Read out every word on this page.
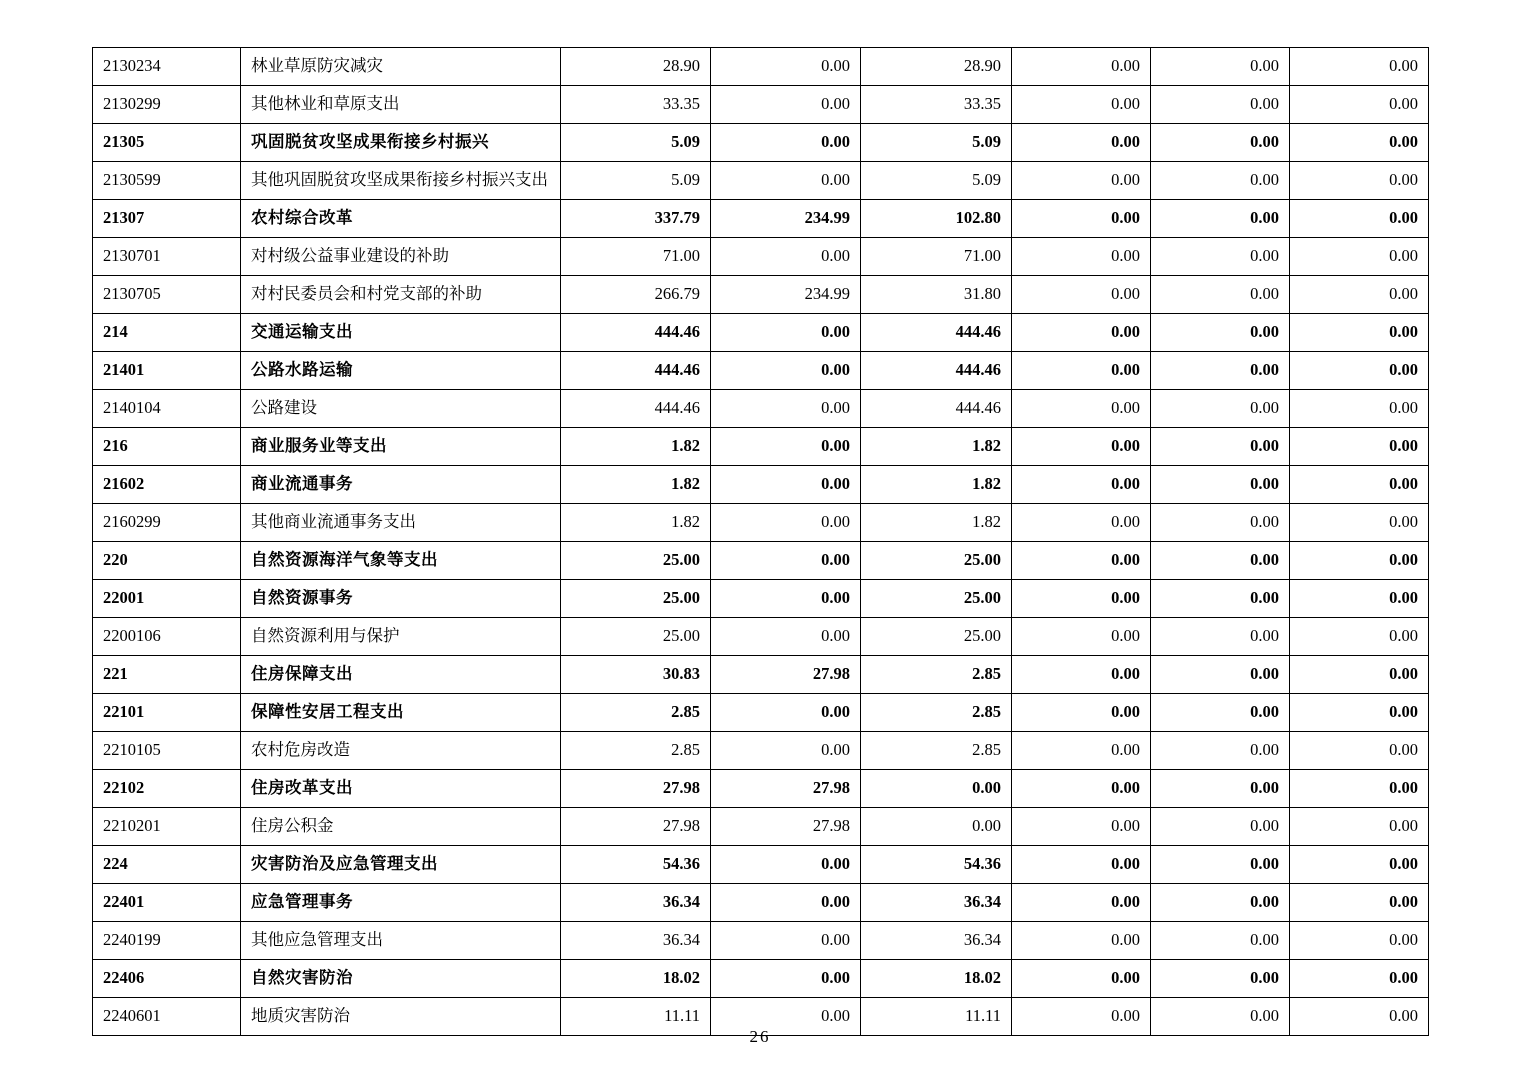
2130234	林业草原防灾减灾	28.90	0.00	28.90	0.00	0.00	0.00
2130299	其他林业和草原支出	33.35	0.00	33.35	0.00	0.00	0.00
21305	巩固脱贫攻坚成果衔接乡村振兴	5.09	0.00	5.09	0.00	0.00	0.00
2130599	其他巩固脱贫攻坚成果衔接乡村振兴支出	5.09	0.00	5.09	0.00	0.00	0.00
21307	农村综合改革	337.79	234.99	102.80	0.00	0.00	0.00
2130701	对村级公益事业建设的补助	71.00	0.00	71.00	0.00	0.00	0.00
2130705	对村民委员会和村党支部的补助	266.79	234.99	31.80	0.00	0.00	0.00
214	交通运输支出	444.46	0.00	444.46	0.00	0.00	0.00
21401	公路水路运输	444.46	0.00	444.46	0.00	0.00	0.00
2140104	公路建设	444.46	0.00	444.46	0.00	0.00	0.00
216	商业服务业等支出	1.82	0.00	1.82	0.00	0.00	0.00
21602	商业流通事务	1.82	0.00	1.82	0.00	0.00	0.00
2160299	其他商业流通事务支出	1.82	0.00	1.82	0.00	0.00	0.00
220	自然资源海洋气象等支出	25.00	0.00	25.00	0.00	0.00	0.00
22001	自然资源事务	25.00	0.00	25.00	0.00	0.00	0.00
2200106	自然资源利用与保护	25.00	0.00	25.00	0.00	0.00	0.00
221	住房保障支出	30.83	27.98	2.85	0.00	0.00	0.00
22101	保障性安居工程支出	2.85	0.00	2.85	0.00	0.00	0.00
2210105	农村危房改造	2.85	0.00	2.85	0.00	0.00	0.00
22102	住房改革支出	27.98	27.98	0.00	0.00	0.00	0.00
2210201	住房公积金	27.98	27.98	0.00	0.00	0.00	0.00
224	灾害防治及应急管理支出	54.36	0.00	54.36	0.00	0.00	0.00
22401	应急管理事务	36.34	0.00	36.34	0.00	0.00	0.00
2240199	其他应急管理支出	36.34	0.00	36.34	0.00	0.00	0.00
22406	自然灾害防治	18.02	0.00	18.02	0.00	0.00	0.00
2240601	地质灾害防治	11.11	0.00	11.11	0.00	0.00	0.00
－ 26 －
